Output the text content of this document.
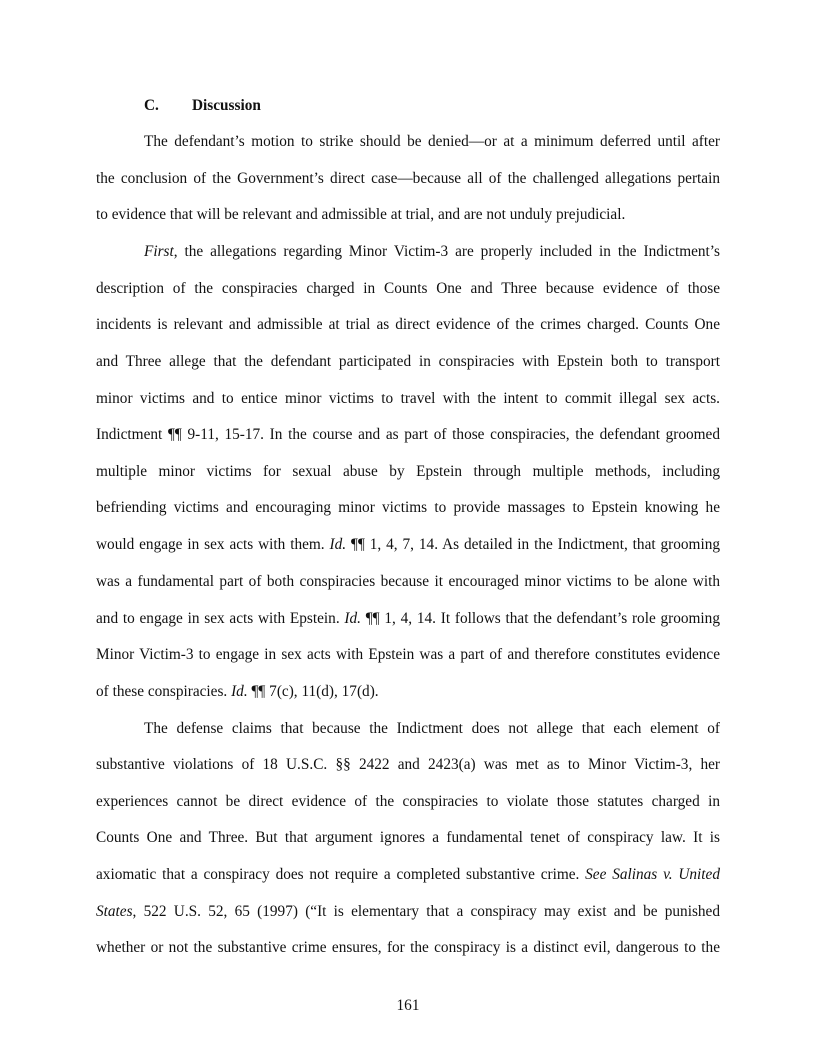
C. Discussion
The defendant’s motion to strike should be denied—or at a minimum deferred until after
the conclusion of the Government’s direct case—because all of the challenged allegations pertain
to evidence that will be relevant and admissible at trial, and are not unduly prejudicial.
First, the allegations regarding Minor Victim-3 are properly included in the Indictment’s
description of the conspiracies charged in Counts One and Three because evidence of those
incidents is relevant and admissible at trial as direct evidence of the crimes charged. Counts One
and Three allege that the defendant participated in conspiracies with Epstein both to transport
minor victims and to entice minor victims to travel with the intent to commit illegal sex acts.
Indictment ¶¶ 9-11, 15-17. In the course and as part of those conspiracies, the defendant groomed
multiple minor victims for sexual abuse by Epstein through multiple methods, including
befriending victims and encouraging minor victims to provide massages to Epstein knowing he
would engage in sex acts with them. Id. ¶¶ 1, 4, 7, 14. As detailed in the Indictment, that grooming
was a fundamental part of both conspiracies because it encouraged minor victims to be alone with
and to engage in sex acts with Epstein. Id. ¶¶ 1, 4, 14. It follows that the defendant’s role grooming
Minor Victim-3 to engage in sex acts with Epstein was a part of and therefore constitutes evidence
of these conspiracies. Id. ¶¶ 7(c), 11(d), 17(d).
The defense claims that because the Indictment does not allege that each element of
substantive violations of 18 U.S.C. §§ 2422 and 2423(a) was met as to Minor Victim-3, her
experiences cannot be direct evidence of the conspiracies to violate those statutes charged in
Counts One and Three. But that argument ignores a fundamental tenet of conspiracy law. It is
axiomatic that a conspiracy does not require a completed substantive crime. See Salinas v. United
States, 522 U.S. 52, 65 (1997) (“It is elementary that a conspiracy may exist and be punished
whether or not the substantive crime ensures, for the conspiracy is a distinct evil, dangerous to the
161
